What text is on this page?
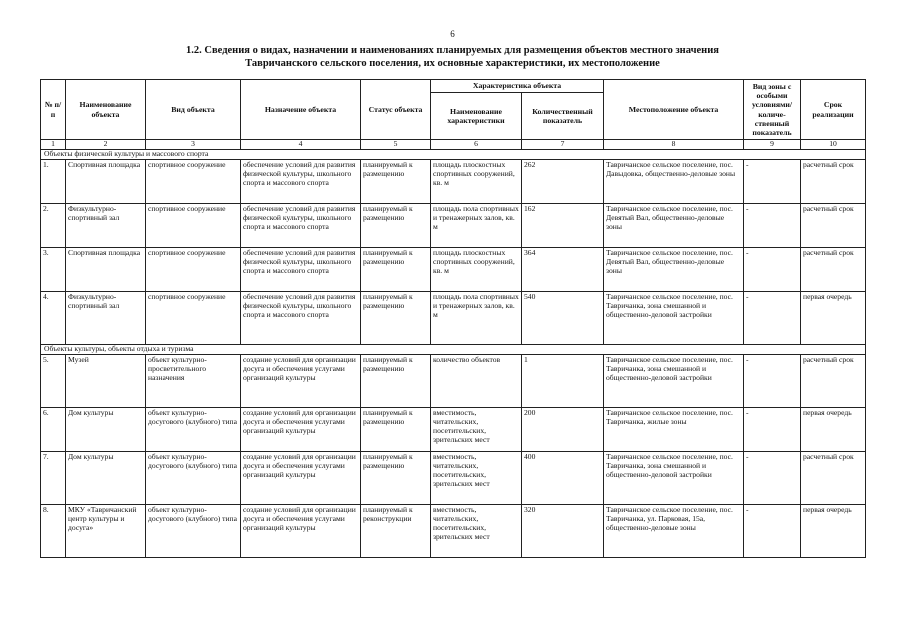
6
1.2. Сведения о видах, назначении и наименованиях планируемых для размещения объектов местного значения
Тавричанского сельского поселения, их основные характеристики, их местоположение
№ п/п	Наименование объекта	Вид объекта	Назначение объекта	Статус объекта	Характеристика объекта		Местоположение объекта	Вид зоны с особыми условиями/ количе-ственный показатель	Срок реализации
					Наименование характеристики	Количественный показатель			
1	2	3	4	5	6	7	8	9	10
Объекты физической культуры и массового спорта									
1.	Спортивная площадка	спортивное сооружение	обеспечение условий для развития физической культуры, школьного спорта и массового спорта	планируемый к размещению	площадь плоскостных спортивных сооружений, кв. м	262	Тавричанское сельское поселение, пос. Давыдовка, общественно-деловые зоны	-	расчетный срок
2.	Физкультурно-спортивный зал	спортивное сооружение	обеспечение условий для развития физической культуры, школьного спорта и массового спорта	планируемый к размещению	площадь пола спортивных и тренажерных залов, кв. м	162	Тавричанское сельское поселение, пос. Девятый Вал, общественно-деловые зоны	-	расчетный срок
3.	Спортивная площадка	спортивное сооружение	обеспечение условий для развития физической культуры, школьного спорта и массового спорта	планируемый к размещению	площадь плоскостных спортивных сооружений, кв. м	364	Тавричанское сельское поселение, пос. Девятый Вал, общественно-деловые зоны	-	расчетный срок
4.	Физкультурно-спортивный зал	спортивное сооружение	обеспечение условий для развития физической культуры, школьного спорта и массового спорта	планируемый к размещению	площадь пола спортивных и тренажерных залов, кв. м	540	Тавричанское сельское поселение, пос. Тавричанка, зона смешанной и общественно-деловой застройки	-	первая очередь
Объекты культуры, объекты отдыха и туризма									
5.	Музей	объект культурно-просветительного назначения	создание условий для организации досуга и обеспечения услугами организаций культуры	планируемый к размещению	количество объектов	1	Тавричанское сельское поселение, пос. Тавричанка, зона смешанной и общественно-деловой застройки	-	расчетный срок
6.	Дом культуры	объект культурно-досугового (клубного) типа	создание условий для организации досуга и обеспечения услугами организаций культуры	планируемый к размещению	вместимость, читательских, посетительских, зрительских мест	200	Тавричанское сельское поселение, пос. Тавричанка, жилые зоны	-	первая очередь
7.	Дом культуры	объект культурно-досугового (клубного) типа	создание условий для организации досуга и обеспечения услугами организаций культуры	планируемый к размещению	вместимость, читательских, посетительских, зрительских мест	400	Тавричанское сельское поселение, пос. Тавричанка, зона смешанной и общественно-деловой застройки	-	расчетный срок
8.	МКУ «Тавричанский центр культуры и досуга»	объект культурно-досугового (клубного) типа	создание условий для организации досуга и обеспечения услугами организаций культуры	планируемый к реконструкции	вместимость, читательских, посетительских, зрительских мест	320	Тавричанское сельское поселение, пос. Тавричанка, ул. Парковая, 15а, общественно-деловые зоны	-	первая очередь
